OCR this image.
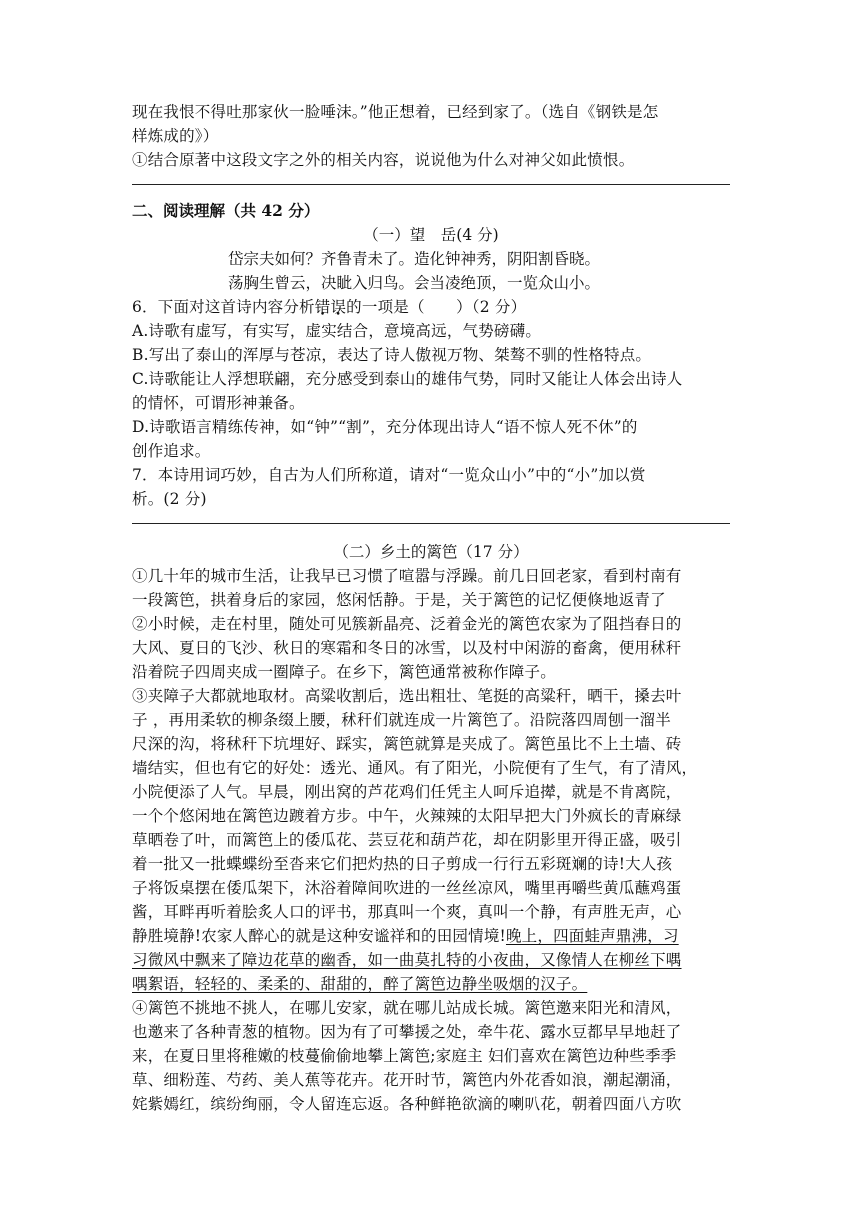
现在我恨不得吐那家伙一脸唾沫。”他正想着，已经到家了。（选自《钢铁是怎
样炼成的》）
①结合原著中这段文字之外的相关内容，说说他为什么对神父如此愤恨。
二、阅读理解（共 42 分）
（一）望　岳(4 分)
岱宗夫如何？齐鲁青未了。造化钟神秀，阴阳割昏晓。
荡胸生曾云，决眦入归鸟。会当凌绝顶，一览众山小。
6．下面对这首诗内容分析错误的一项是（　　）（2 分）
A.诗歌有虚写，有实写，虚实结合，意境高远，气势磅礴。
B.写出了泰山的浑厚与苍凉，表达了诗人傲视万物、桀骜不驯的性格特点。
C.诗歌能让人浮想联翩，充分感受到泰山的雄伟气势，同时又能让人体会出诗人
的情怀，可谓形神兼备。
D.诗歌语言精练传神，如“钟”“割”，充分体现出诗人“语不惊人死不休”的
创作追求。
7．本诗用词巧妙，自古为人们所称道，请对“一览众山小”中的“小”加以赏
析。(2 分)
（二）乡土的篱笆（17 分）
①几十年的城市生活，让我早已习惯了喧嚣与浮躁。前几日回老家，看到村南有
一段篱笆，拱着身后的家园，悠闲恬静。于是，关于篱笆的记忆便倏地返青了
②小时候，走在村里，随处可见簇新晶亮、泛着金光的篱笆农家为了阻挡春日的
大风、夏日的飞沙、秋日的寒霜和冬日的冰雪，以及村中闲游的畜禽，便用秫秆
沿着院子四周夹成一圈障子。在乡下，篱笆通常被称作障子。
③夹障子大都就地取材。高粱收割后，选出粗壮、笔挺的高粱秆，晒干，搡去叶
子 ，再用柔软的柳条缀上腰，秫秆们就连成一片篱笆了。沿院落四周刨一溜半
尺深的沟，将秫秆下坑埋好、踩实，篱笆就算是夹成了。篱笆虽比不上土墙、砖
墙结实，但也有它的好处：透光、通风。有了阳光，小院便有了生气，有了清风，
小院便添了人气。早晨，刚出窝的芦花鸡们任凭主人呵斥追撵，就是不肯离院，
一个个悠闲地在篱笆边踱着方步。中午，火辣辣的太阳早把大门外疯长的青麻绿
草晒卷了叶，而篱笆上的倭瓜花、芸豆花和葫芦花，却在阴影里开得正盛，吸引
着一批又一批蝶蝶纷至沓来它们把灼热的日子剪成一行行五彩斑斓的诗!大人孩
子将饭桌摆在倭瓜架下，沐浴着障间吹进的一丝丝凉风，嘴里再嚼些黄瓜蘸鸡蛋
酱，耳畔再听着脍炙人口的评书，那真叫一个爽，真叫一个静，有声胜无声，心
静胜境静!农家人醉心的就是这种安谧祥和的田园情境!晚上，四面蛙声鼎沸，习
习微风中飘来了障边花草的幽香，如一曲莫扎特的小夜曲，又像情人在柳丝下喁
喁絮语，轻轻的、柔柔的、甜甜的，醉了篱笆边静坐吸烟的汉子。
④篱笆不挑地不挑人，在哪儿安家，就在哪儿站成长城。篱笆邀来阳光和清风，
也邀来了各种青葱的植物。因为有了可攀援之处，牵牛花、露水豆都早早地赶了
来，在夏日里将稚嫩的枝蔓偷偷地攀上篱笆;家庭主 妇们喜欢在篱笆边种些季季
草、细粉莲、芍药、美人蕉等花卉。花开时节，篱笆内外花香如浪，潮起潮涌，
姹紫嫣红，缤纷绚丽，令人留连忘返。各种鲜艳欲滴的喇叭花，朝着四面八方吹
